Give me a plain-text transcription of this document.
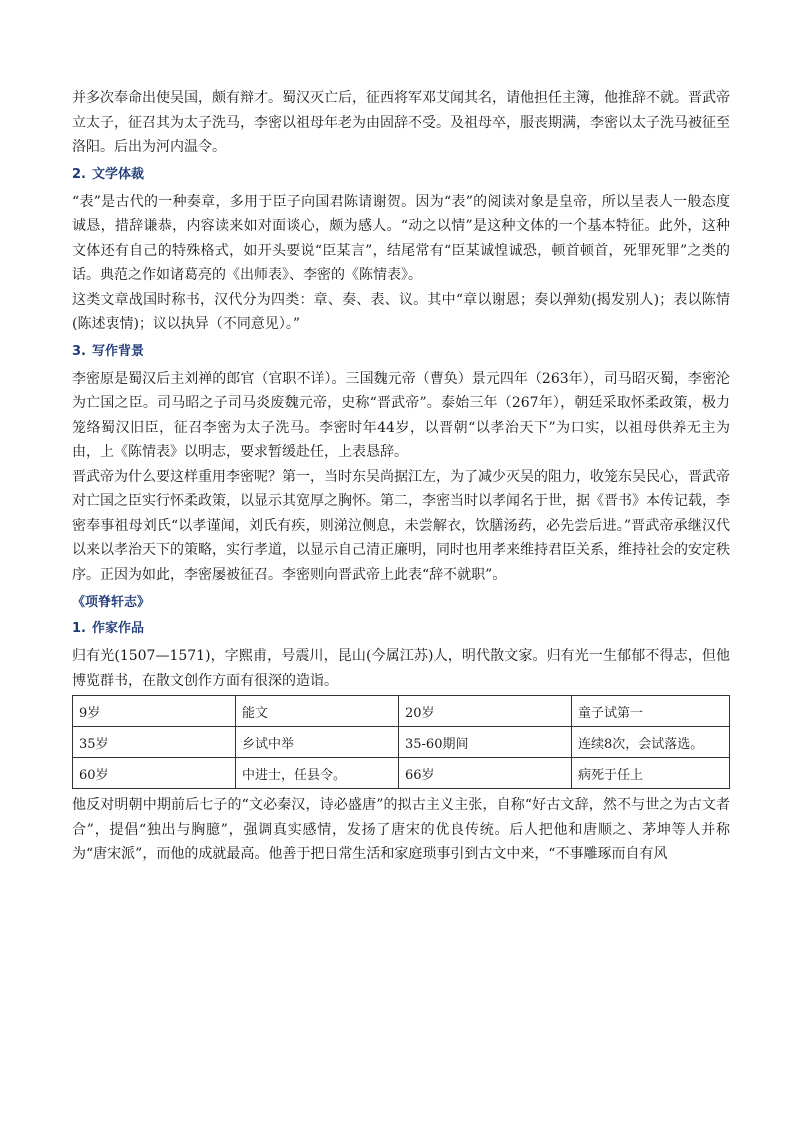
并多次奉命出使吴国，颇有辩才。蜀汉灭亡后，征西将军邓艾闻其名，请他担任主簿，他推辞不就。晋武帝立太子，征召其为太子洗马，李密以祖母年老为由固辞不受。及祖母卒，服丧期满，李密以太子洗马被征至洛阳。后出为河内温令。

2. 文学体裁

“表”是古代的一种奏章，多用于臣子向国君陈请谢贺。因为“表”的阅读对象是皇帝，所以呈表人一般态度诚恳，措辞谦恭，内容读来如对面谈心，颇为感人。“动之以情”是这种文体的一个基本特征。此外，这种文体还有自己的特殊格式，如开头要说“臣某言”，结尾常有“臣某诚惶诚恐，顿首顿首，死罪死罪”之类的话。典范之作如诸葛亮的《出师表》、李密的《陈情表》。

这类文章战国时称书，汉代分为四类：章、奏、表、议。其中“章以谢恩；奏以弹劾(揭发别人)；表以陈情(陈述衷情)；议以执异（不同意见）。”

3. 写作背景

李密原是蜀汉后主刘禅的郎官（官职不详）。三国魏元帝（曹奂）景元四年（263年），司马昭灭蜀，李密沦为亡国之臣。司马昭之子司马炎废魏元帝，史称“晋武帝”。泰始三年（267年），朝廷采取怀柔政策，极力笼络蜀汉旧臣，征召李密为太子洗马。李密时年44岁，以晋朝“以孝治天下”为口实，以祖母供养无主为由，上《陈情表》以明志，要求暂缓赴任，上表恳辞。

晋武帝为什么要这样重用李密呢？第一，当时东吴尚据江左，为了减少灭吴的阻力，收笼东吴民心，晋武帝对亡国之臣实行怀柔政策，以显示其宽厚之胸怀。第二，李密当时以孝闻名于世，据《晋书》本传记载，李密奉事祖母刘氏“以孝谨闻，刘氏有疾，则涕泣侧息，未尝解衣，饮膳汤药，必先尝后进。”晋武帝承继汉代以来以孝治天下的策略，实行孝道，以显示自己清正廉明，同时也用孝来维持君臣关系，维持社会的安定秩序。正因为如此，李密屡被征召。李密则向晋武帝上此表“辞不就职”。

《项脊轩志》
1. 作家作品

归有光(1507—1571)，字熙甫，号震川，昆山(今属江苏)人，明代散文家。归有光一生郁郁不得志，但他博览群书，在散文创作方面有很深的造诣。

9岁	能文	20岁	童子试第一
35岁	乡试中举	35-60期间	连续8次，会试落选。
60岁	中进士，任县令。	66岁	病死于任上

他反对明朝中期前后七子的“文必秦汉，诗必盛唐”的拟古主义主张，自称“好古文辞，然不与世之为古文者合”，提倡“独出与胸臆”，强调真实感情，发扬了唐宋的优良传统。后人把他和唐顺之、茅坤等人并称为“唐宋派”，而他的成就最高。他善于把日常生活和家庭琐事引到古文中来，“不事雕琢而自有风
